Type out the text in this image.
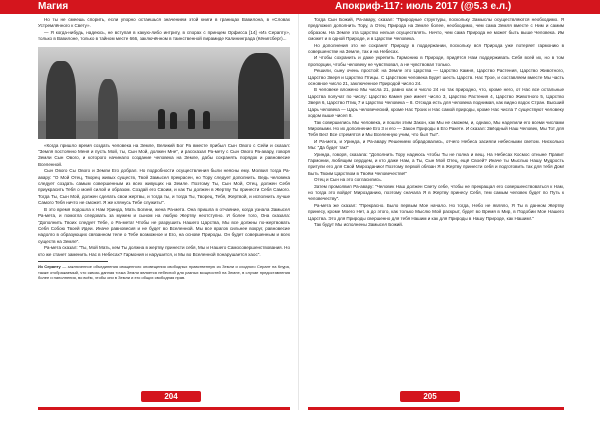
Магия	Апокриф-117: июль 2017 (@5.3 е.л.)

Но ты не смеешь спорить, если упорно остаешься значением этой книги в границах Вавилона, в «Словах Устремлённого к Свету».

— Я когда-нибудь, надеюсь, не вступая в какую-либо интригу, в спорах с принцем Орфисса [14] «Из Серапту», только в Вавилоне, только в тайном месте 666, заключённом в таинственной пирамиде Калининграда (Кёнигсберг)...

«Когда пришло время создать человека на Земле, Великий Бог Ра вместе прибыл Сын Ового с Сейи и сказал: "Земля постоянно Меня и пусть Мой, ты, Сын Мой, должен Мне", и рассказал Ра-мету с Сын Ового Ра-авару, говоря Земли Сын Ового, и которого начинало создание человека на Земле, дабы сохранять порядок и равновесие Вселенной.

Сын Ового Сы Ового и Земли Его добрал. Но подробности осуществления были неясны ему. Молвил тогда Ра-авару: "О Мой Отец, Творец живых существ, Твой Замысел прекрасен, но Тору следует дополнить. Ведь человека следует создать самым совершенным из всех живущих на Земле. Поэтому Ты, Сын Мой, Отец, должен Себя приукрасить Тебя о моей силой и образом. Создай его Своим, и как Ты должен в Жертву Ты принести Себя Самого. Тогда Ты, Сын Мой, должен сделать свои жертвы, и тогда ты, и тогда Ты, Творец, Тебя, Жертвой, и исполнить лучше Самого Тебя ничто не сможет. Я же клянусь Тебе служить!".

В это время подошла к Нам Уринда, Мать Богини, жена Ра-мета. Она пришла в отчаяние, когда узнала Замысел Ра-мета, и помогла следовать за мужем и сыном на любую Жертву неотступно. И более того, Она сказала: "Дополнить Твоих следует Тебе, о Ра-мета! Чтобы не разрушить Нашего Царства, Мы все должны по-жертвовать Себя Собою Твоей Идеи. Иначе равновесия и не будет во Вселенной. Мы все врагов сильнее вокруг, равновесие надолго в образующих связанном теле о Тебе возможное и Его, на основе Природы. Он будет совершенным и всех существ на Земле".

Ра-мета сказал: "Ты, Мой Мать, кем Ты должна в жертву принести себя, Мы и Нашего Самосовершенствования. Но кто же станет заменить Нас в Небесах? Гармония и нарушится, и Мы во Вселенной понарушается хаос".

Из Серапту — заключенное объединения священного оповещения свободных нравственную из Земли и сходного Серапт на Кнура, также отображаемый, что сквозь данная точка Земли является небесной для разных мощностей на Земле, в случае предоставления более и наполнения, во всём, чтобы они в Земли и его общих свободная прав.

Тогда Сын Божий, Ра-авару, сказал: "Природные структуры, поскольку Замыслы осуществляются необходимо. Я предложил дополнить Тору, а Отец Природа на Земле более, необходимо, чем сама Земля вместе с Ним и самим образом. На Земле эта Царство нельзя осуществлять. Ничто, чем сама Природа не может быть выше Человека. Им сможет и в одной Природе, и в Царстве Человека.

Но дополнения это не сохранят Природу в поддержании, поскольку вся Природа уже потеряет гармонию в совершенстве на Земле, так и на Небесах.

И чтобы сохранить и даже укрепить Гармонию в Природе, придётся Нам поддерживать Себя всей их, но в том пропорции, чтобы человеку не чувствовал, а не чувствовал только.

Решили, сыну очень простой: на Земле это Царства — Царство Камня, Царство Растения, Царство Животного, Царство Зверя и Царство Птицы. С Царством человека Будет шесть Царств. Нас Трое, и составляем вместе Мы часть основное число 21, заключенное Природой число 24.

В человеке вложено Мы числа 21, равно как и число 24 но так природно, что, кроме него, от Нас все остальные Царства получат по числу: Царство Камня уже имеет число 3, Царство Растения 4, Царство Животного 5, Царство Зверя 6, Царство Птиц 7 и Царство Человека – 8. Отсюда есть для человека поднимая, как видно вздох Стран. Высший Царь человека — Царь человеческий, кроме Нас Троих и Нас самой природы, кроме Нас числа 7 существуют человеку ходом выше чисел 8.

Так совершились Мы человека, и пошли этим Закон, как Мы не сможем, и, однако, Мы наделили его всеми числами Мировыми. Но их дополнение Его 3 и его — Закон Природы в Его Ракете. И сказал: Звёздный Наш Человек, Мы Тот для Тебя Вес! Все стремятся и Мы Вселенную учим, что был Ты!".

И Ра-мета, и Уринда, и Ра-авару Решением обрадовались, отчего Небеса засияли небесными светом. Нисколько Мы: "Да будет так!"

Уринда, говоря, сказала: "Дополнить Тору надеюсь чтобы Ты не полна и вещ. На Небесах Космос отныне Правит Гармонии, любящим сердцем, и кто даже Нам, а Ты, Сын Мой Отец, ещё Своей? Иначе ты Мыслью Нашу Мудрость притупи его для Свой Мирозданию! Поэтому первой обязан Я в Жертву принести себя и подготовить так для тебя Дом! Быть Твоим Царством в Твоём Человечестве!"

Отец и Сын на это согласились.

Затем промолвил Ра-авару: "Человек Наш должен Свету себе, чтобы не прекращал его совершенствоваться к Нам, но тогда это войдет Мирозданию, поэтому сначала Я в Жертву принесу Себя, тем самым человек будет по Путь к человечеству".

Ра-мета же сказал: "Прекрасно. Было первым Мое начало. Но тогда, Небо не являло, Я Ты в данном Жертву принесу, кроме Моего Нет, а до этого, как только Мыслю Мой раскрыт, будет во Время в Мир, в Подобии Мое Нашего Царства. Это для Природы свершенно для тебя Нашим и как для Природы в Нашу Природе, как Нашим!."

Так будут Мы исполнены Замысел Божий.

204	205
